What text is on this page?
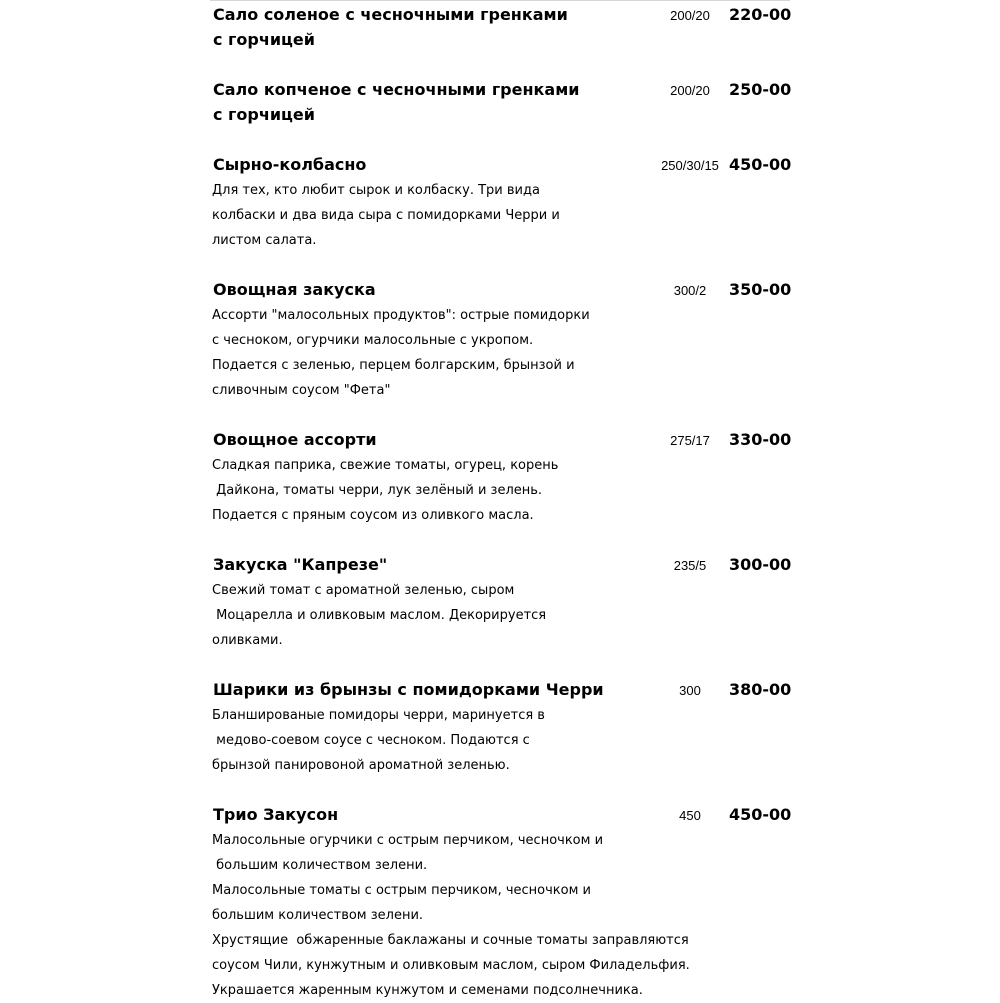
Сало соленое с чесночными гренками
с горчицей
200/20	220-00
Сало копченое с чесночными гренками
с горчицей
200/20	250-00
Сырно-колбасно	250/30/15 450-00
Для тех, кто любит сырок и колбаску. Три вида
колбаски и два вида сыра с помидорками Черри и
листом салата.
Овощная закуска	300/2	350-00
Ассорти "малосольных продуктов": острые помидорки
с чесноком, огурчики малосольные с укропом.
Подается с зеленью, перцем болгарским, брынзой и
сливочным соусом "Фета"
Овощное ассорти	275/17	330-00
Сладкая паприка, свежие томаты, огурец, корень
Дайкона, томаты черри, лук зелёный и зелень.
Подается с пряным соусом из оливкого масла.
Закуска "Капрезе"	235/5	300-00
Свежий томат с ароматной зеленью, сыром
Моцарелла и оливковым маслом. Декорируется
оливками.
Шарики из брынзы с помидорками Черри	300	380-00
Бланшированые помидоры черри, маринуется в
медово-соевом соусе с чесноком. Подаются с
брынзой панировоной ароматной зеленью.
Трио Закусон	450	450-00
Малосольные огурчики с острым перчиком, чесночком и
большим количеством зелени.
Малосольные томаты с острым перчиком, чесночком и
большим количеством зелени.
Хрустящие  обжаренные баклажаны и сочные томаты заправляются
соусом Чили, кунжутным и оливковым маслом, сыром Филадельфия.
Украшается жаренным кунжутом и семенами подсолнечника.
